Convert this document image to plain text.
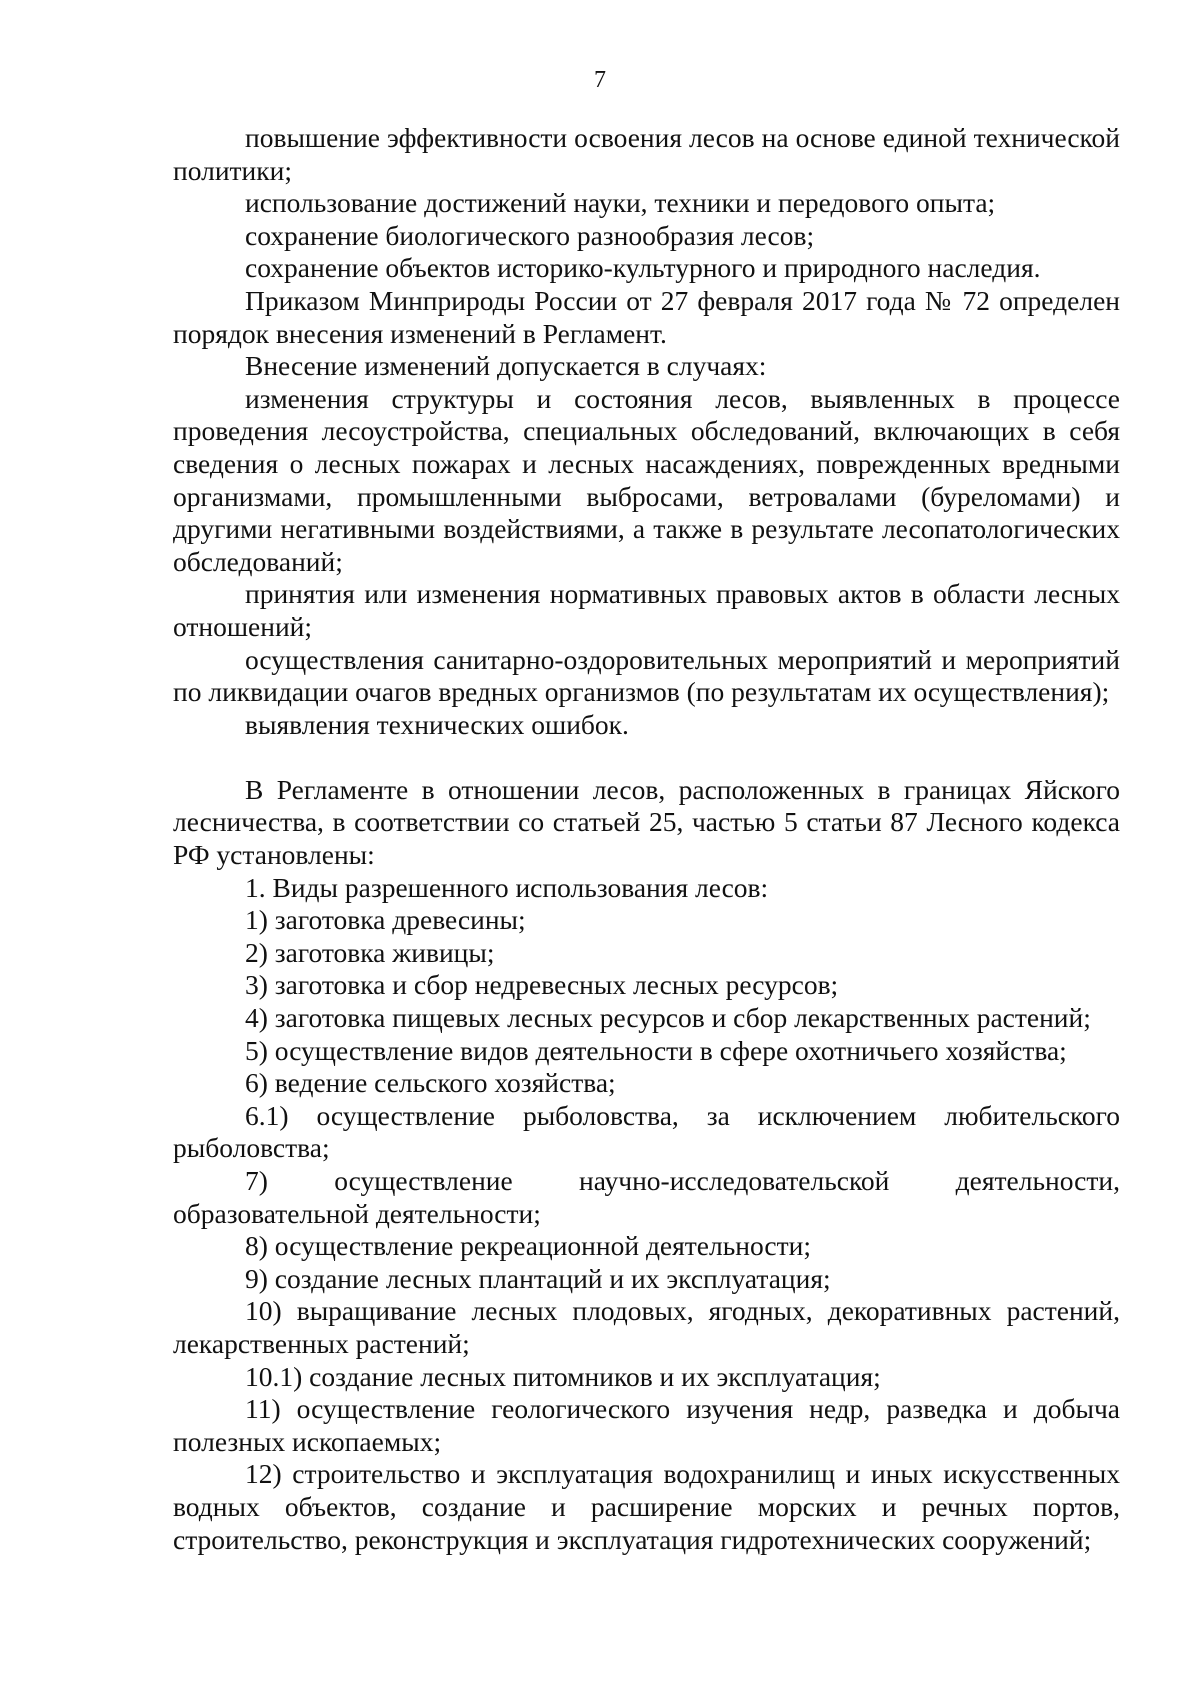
7

повышение эффективности освоения лесов на основе единой технической политики;

использование достижений науки, техники и передового опыта;

сохранение биологического разнообразия лесов;

сохранение объектов историко-культурного и природного наследия.

Приказом Минприроды России от 27 февраля 2017 года № 72 определен порядок внесения изменений в Регламент.

Внесение изменений допускается в случаях:

изменения структуры и состояния лесов, выявленных в процессе проведения лесоустройства, специальных обследований, включающих в себя сведения о лесных пожарах и лесных насаждениях, поврежденных вредными организмами, промышленными выбросами, ветровалами (буреломами) и другими негативными воздействиями, а также в результате лесопатологических обследований;

принятия или изменения нормативных правовых актов в области лесных отношений;

осуществления санитарно-оздоровительных мероприятий и мероприятий по ликвидации очагов вредных организмов (по результатам их осуществления);

выявления технических ошибок.

В Регламенте в отношении лесов, расположенных в границах Яйского лесничества, в соответствии со статьей 25, частью 5 статьи 87 Лесного кодекса РФ установлены:

1. Виды разрешенного использования лесов:

1) заготовка древесины;

2) заготовка живицы;

3) заготовка и сбор недревесных лесных ресурсов;

4) заготовка пищевых лесных ресурсов и сбор лекарственных растений;

5) осуществление видов деятельности в сфере охотничьего хозяйства;

6) ведение сельского хозяйства;

6.1) осуществление рыболовства, за исключением любительского рыболовства;

7) осуществление научно-исследовательской деятельности, образовательной деятельности;

8) осуществление рекреационной деятельности;

9) создание лесных плантаций и их эксплуатация;

10) выращивание лесных плодовых, ягодных, декоративных растений, лекарственных растений;

10.1) создание лесных питомников и их эксплуатация;

11) осуществление геологического изучения недр, разведка и добыча полезных ископаемых;

12) строительство и эксплуатация водохранилищ и иных искусственных водных объектов, создание и расширение морских и речных портов, строительство, реконструкция и эксплуатация гидротехнических сооружений;
